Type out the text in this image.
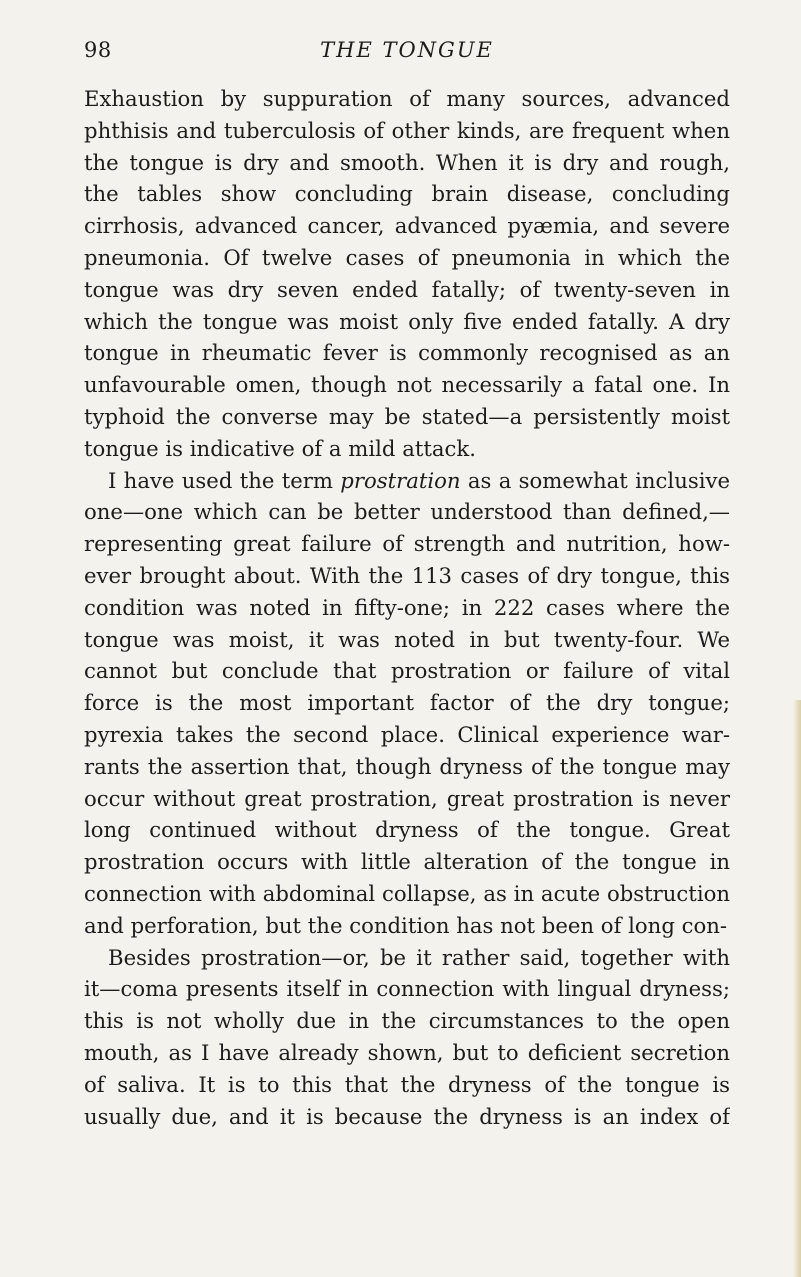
98	THE TONGUE
Exhaustion by suppuration of many sources, advanced
phthisis and tuberculosis of other kinds, are frequent when
the tongue is dry and smooth. When it is dry and rough,
the tables show concluding brain disease, concluding
cirrhosis, advanced cancer, advanced pyæmia, and severe
pneumonia. Of twelve cases of pneumonia in which the
tongue was dry seven ended fatally; of twenty-seven in
which the tongue was moist only five ended fatally. A dry
tongue in rheumatic fever is commonly recognised as an
unfavourable omen, though not necessarily a fatal one. In
typhoid the converse may be stated—a persistently moist
tongue is indicative of a mild attack.
I have used the term prostration as a somewhat inclusive
one—one which can be better understood than defined,—
representing great failure of strength and nutrition, how-
ever brought about. With the 113 cases of dry tongue, this
condition was noted in fifty-one; in 222 cases where the
tongue was moist, it was noted in but twenty-four. We
cannot but conclude that prostration or failure of vital
force is the most important factor of the dry tongue;
pyrexia takes the second place. Clinical experience war-
rants the assertion that, though dryness of the tongue may
occur without great prostration, great prostration is never
long continued without dryness of the tongue. Great
prostration occurs with little alteration of the tongue in
connection with abdominal collapse, as in acute obstruction
and perforation, but the condition has not been of long con-
Besides prostration—or, be it rather said, together with
it—coma presents itself in connection with lingual dryness;
this is not wholly due in the circumstances to the open
mouth, as I have already shown, but to deficient secretion
of saliva. It is to this that the dryness of the tongue is
usually due, and it is because the dryness is an index of
